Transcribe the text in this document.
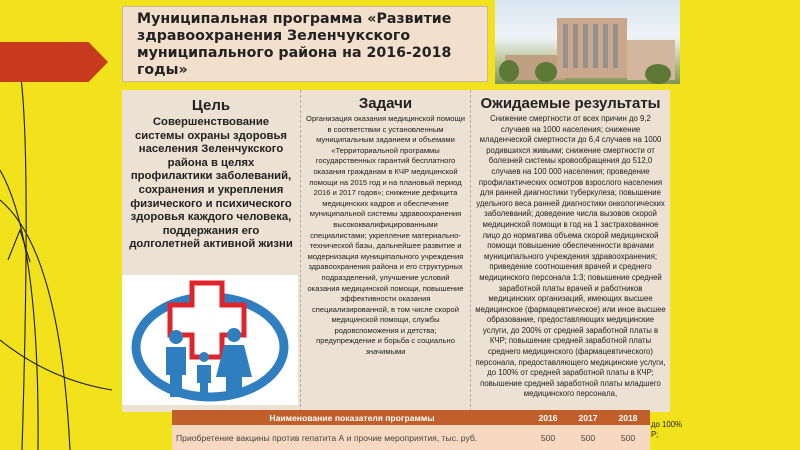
Муниципальная программа «Развитие здравоохранения Зеленчукского муниципального района на 2016-2018 годы»
Цель
Совершенствование системы охраны здоровья населения Зеленчукского района в целях профилактики заболеваний, сохранения и укрепления физического и психического здоровья каждого человека, поддержания его долголетней активной жизни
Задачи
Организация оказания медицинской помощи в соответствии с установленным муниципальным заданием и объемами «Территориальной программы государственных гарантий бесплатного оказания гражданам в КЧР медицинской помощи на 2015 год и на плановый период 2016 и 2017 годов»; снижение дефицита медицинских кадров и обеспечение муниципальной системы здравоохранения высококвалифицированными специалистами; укрепление материально-технической базы, дальнейшее развитие и модернизация муниципального учреждения здравоохранения района и его структурных подразделений, улучшение условий оказания медицинской помощи, повышение эффективности оказания специализированной, в том числе скорой медицинской помощи, службы родовспоможения и детства; предупреждение и борьба с социально значимыми
Ожидаемые результаты
Снижение смертности от всех причин до 9,2 случаев на 1000 населения; снижение младенческой смертности до 6,4 случаев на 1000 родившихся живыми; снижение смертности от болезней системы кровообращения до 512,0 случаев на 100 000 населения; проведение профилактических осмотров взрослого населения для ранней диагностики туберкулеза; повышение удельного веса ранней диагностики онкологических заболеваний; доведение числа вызовов скорой медицинской помощи в год на 1 застрахованное лицо до норматива объема скорой медицинской помощи повышение обеспеченности врачами муниципального учреждения здравоохранения; приведение соотношения врачей и среднего медицинского персонала 1:3; повышение средней заработной платы врачей и работников медицинских организаций, имеющих высшее медицинское (фармацевтическое) или иное высшее образование, предоставляющих медицинские услуги, до 200% от средней заработной платы в КЧР; повышение средней заработной платы среднего медицинского (фармацевтического) персонала, предоставляющего медицинские услуги, до 100% от средней заработной платы в КЧР; повышение средней заработной платы младшего медицинского персонала,
Наименование показателя программы	2016	2017	2018
Приобретение вакцины против гепатита А и прочие мероприятия, тыс. руб.	500	500	500
до 100% Р;
